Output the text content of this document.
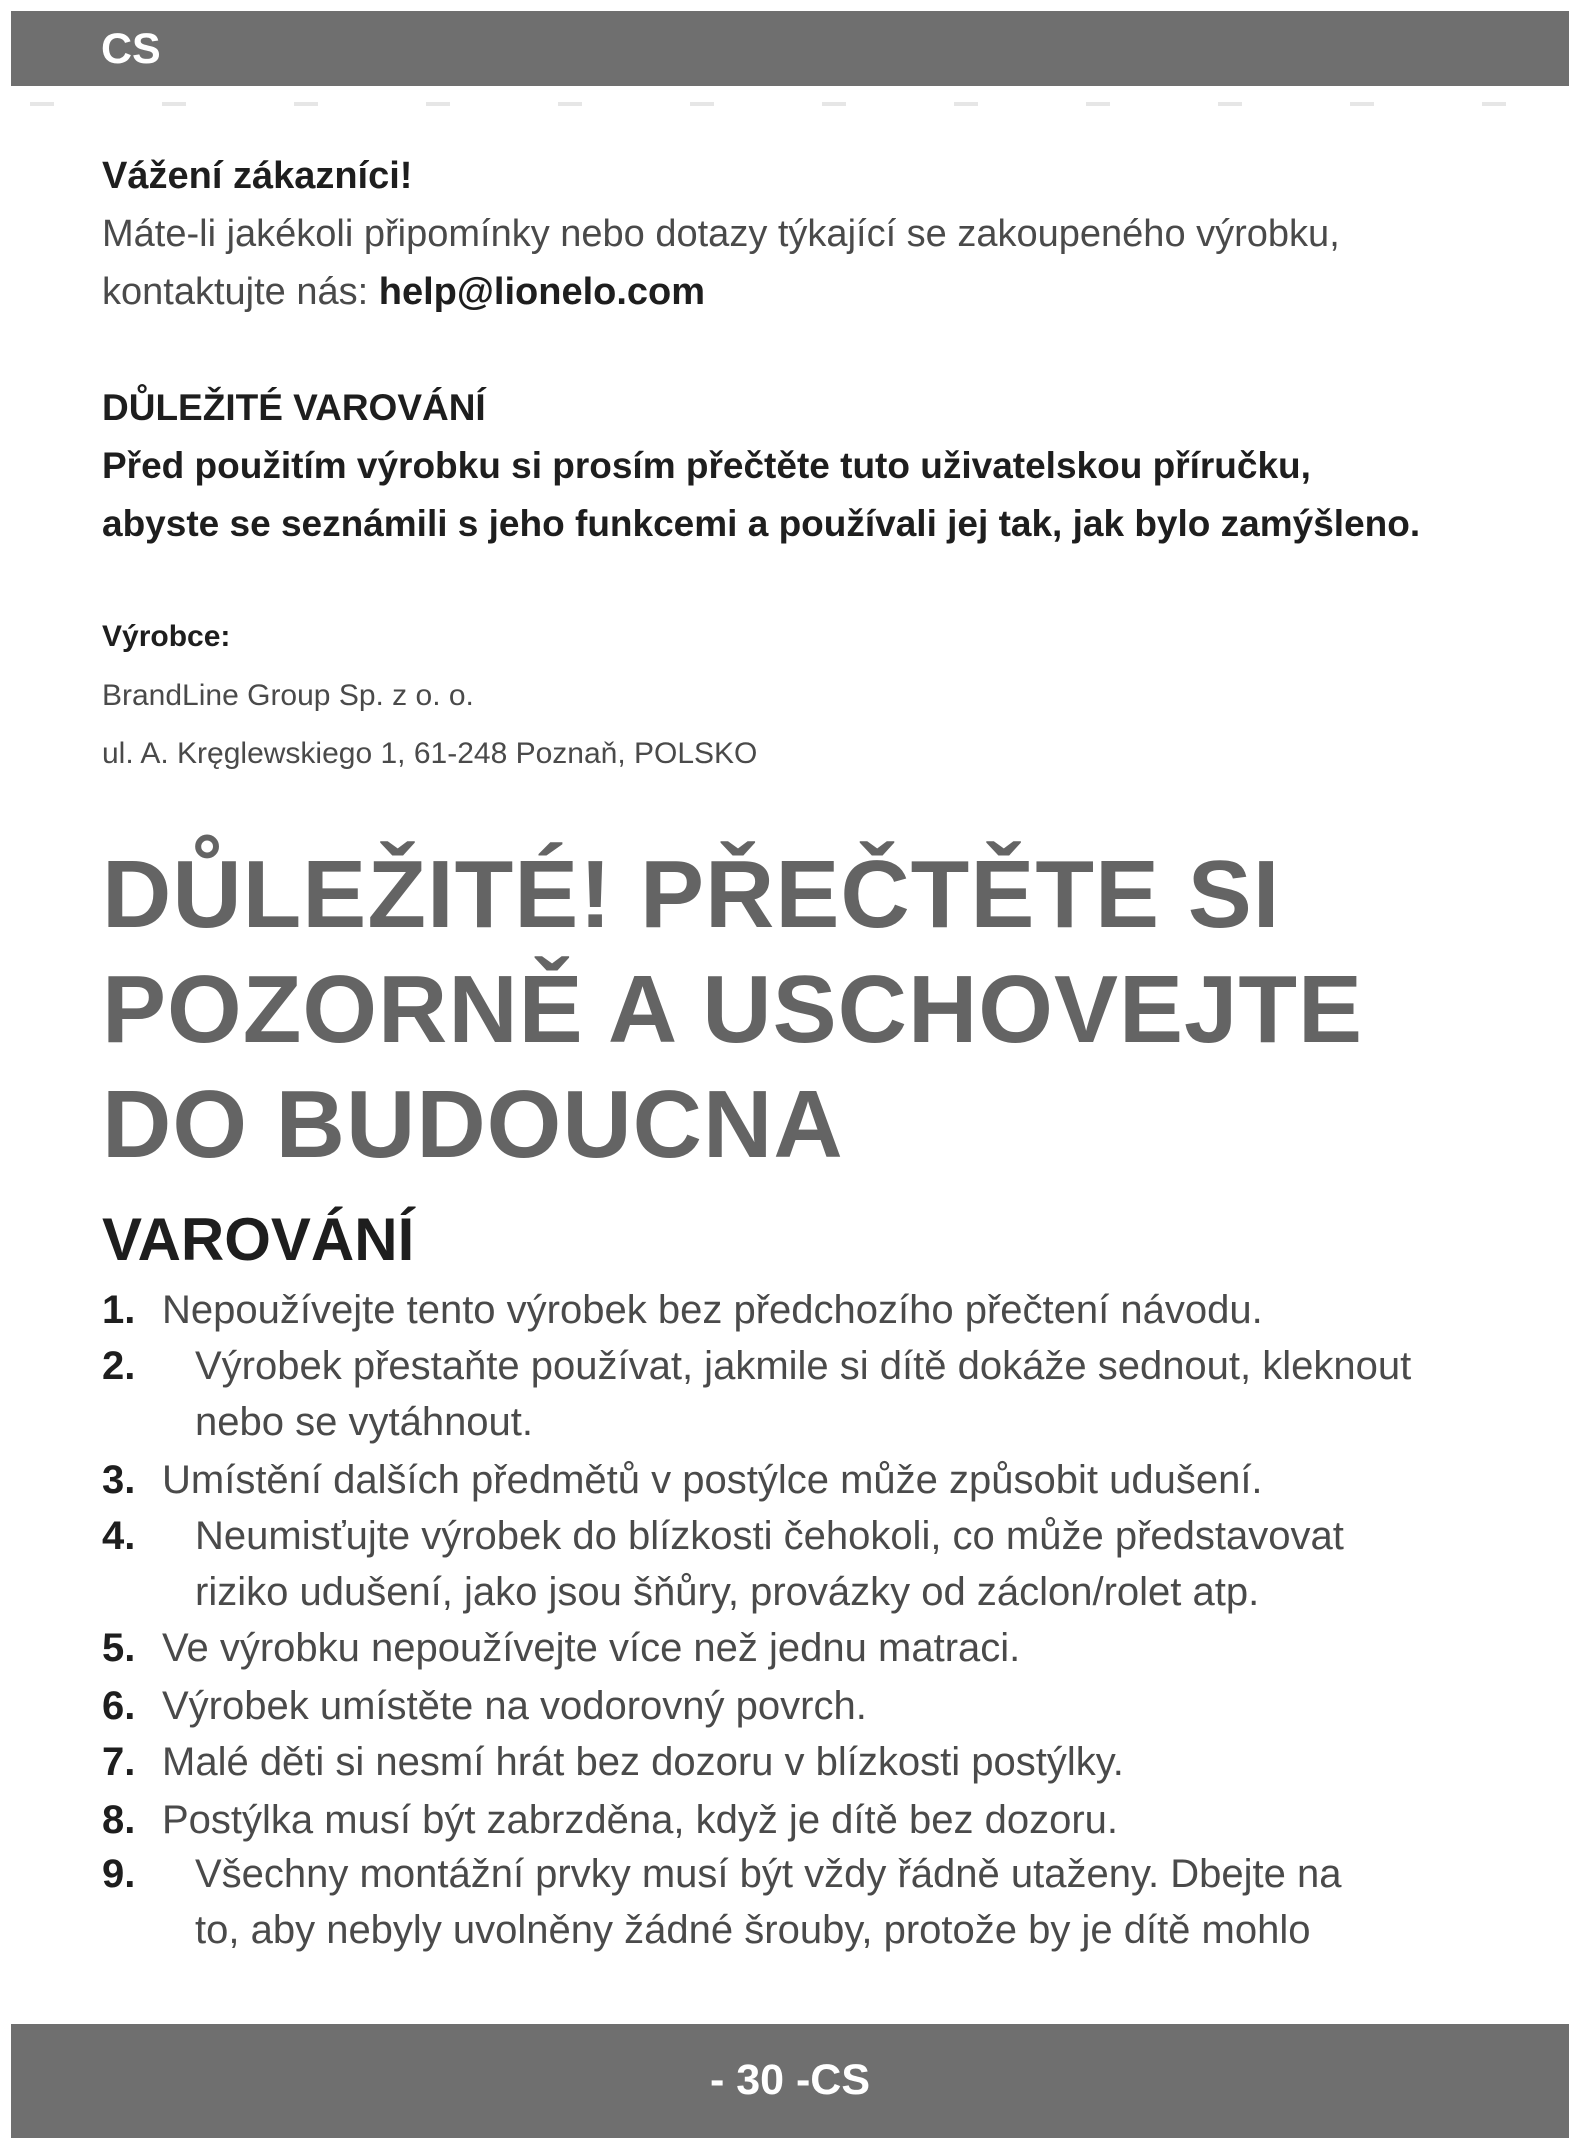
CS
Vážení zákazníci!
Máte-li jakékoli připomínky nebo dotazy týkající se zakoupeného výrobku,
kontaktujte nás: help@lionelo.com
DŮLEŽITÉ VAROVÁNÍ
Před použitím výrobku si prosím přečtěte tuto uživatelskou příručku,
abyste se seznámili s jeho funkcemi a používali jej tak, jak bylo zamýšleno.
Výrobce:
BrandLine Group Sp. z o. o.
ul. A. Kręglewskiego 1, 61-248 Poznaň, POLSKO
DŮLEŽITÉ! PŘEČTĚTE SI
POZORNĚ A USCHOVEJTE
DO BUDOUCNA
VAROVÁNÍ
1. Nepoužívejte tento výrobek bez předchozího přečtení návodu.
2. Výrobek přestaňte používat, jakmile si dítě dokáže sednout, kleknout
nebo se vytáhnout.
3. Umístění dalších předmětů v postýlce může způsobit udušení.
4. Neumisťujte výrobek do blízkosti čehokoli, co může představovat
riziko udušení, jako jsou šňůry, provázky od záclon/rolet atp.
5. Ve výrobku nepoužívejte více než jednu matraci.
6. Výrobek umístěte na vodorovný povrch.
7. Malé děti si nesmí hrát bez dozoru v blízkosti postýlky.
8. Postýlka musí být zabrzděna, když je dítě bez dozoru.
9. Všechny montážní prvky musí být vždy řádně utaženy. Dbejte na
to, aby nebyly uvolněny žádné šrouby, protože by je dítě mohlo
- 30 -CS
